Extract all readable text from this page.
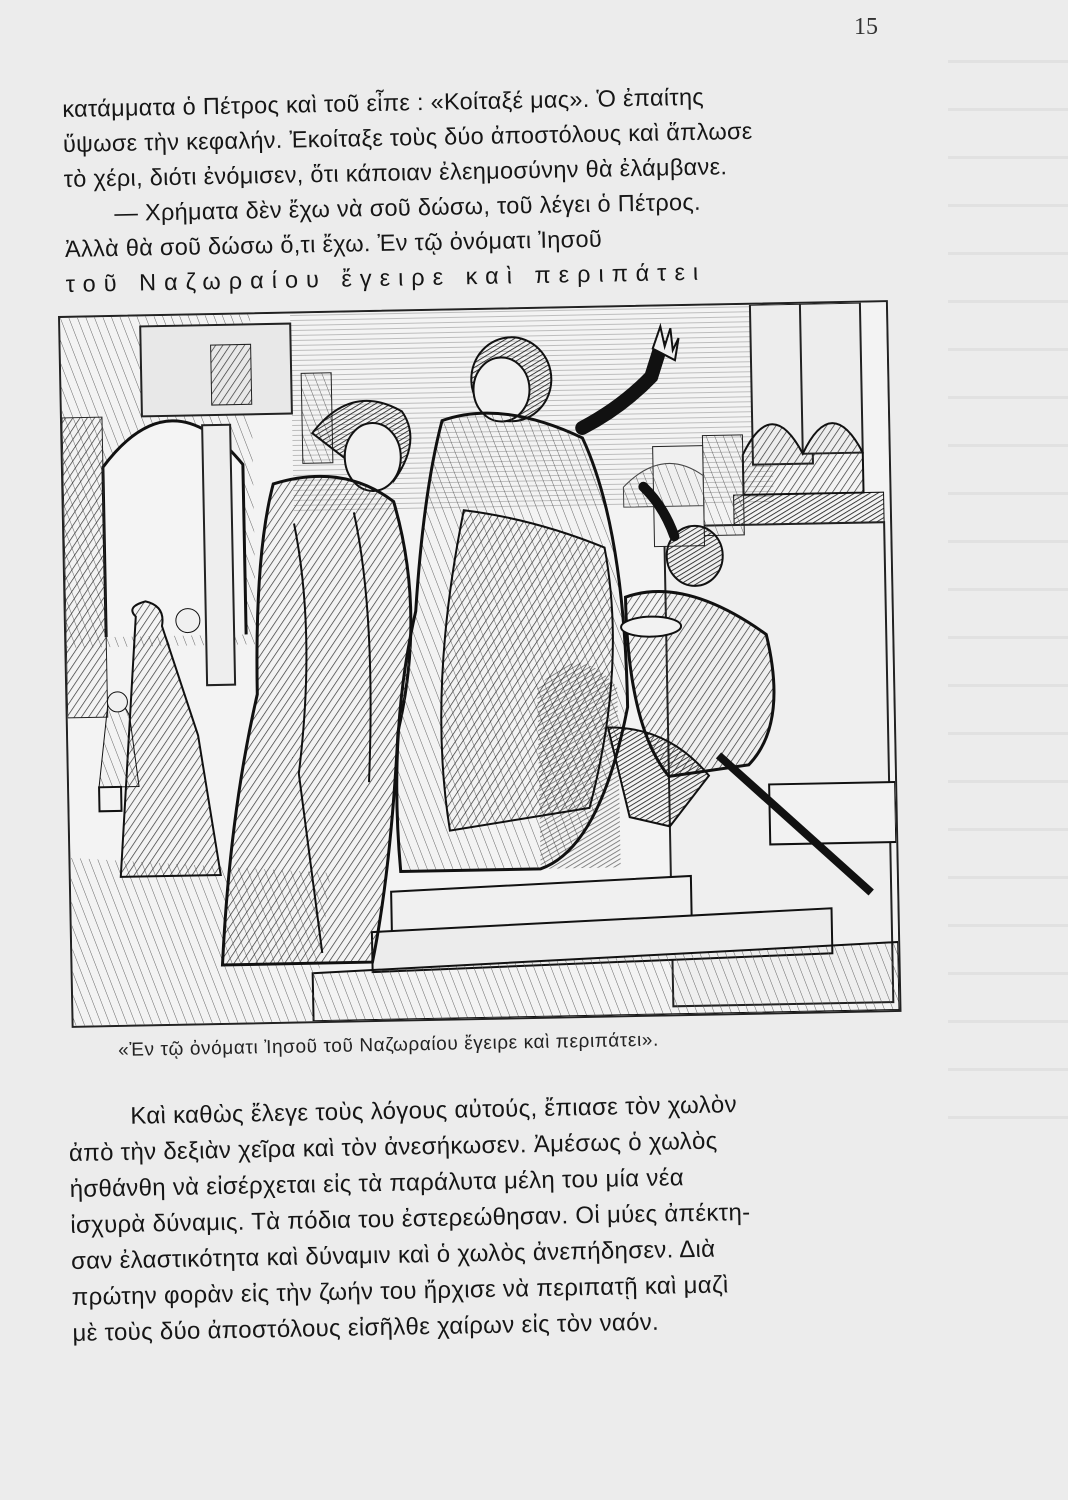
15
κατάμματα ὁ Πέτρος καὶ τοῦ εἶπε : «Κοίταξέ μας». Ὁ ἐπαίτης
ὕψωσε τὴν κεφαλήν. Ἐκοίταξε τοὺς δύο ἀποστόλους καὶ ἅπλωσε
τὸ χέρι, διότι ἐνόμισεν, ὅτι κάποιαν ἐλεημοσύνην θὰ ἐλάμβανε.
— Χρήματα δὲν ἔχω νὰ σοῦ δώσω, τοῦ λέγει ὁ Πέτρος.
Ἀλλὰ θὰ σοῦ δώσω ὅ,τι ἔχω. Ἐν τῷ ὀνόματι Ἰησοῦ
τοῦ Ναζωραίου ἔγειρε καὶ περιπάτει
«Ἐν τῷ ὀνόματι Ἰησοῦ τοῦ Ναζωραίου ἔγειρε καὶ περιπάτει».
Καὶ καθὼς ἔλεγε τοὺς λόγους αὐτούς, ἔπιασε τὸν χωλὸν
ἀπὸ τὴν δεξιὰν χεῖρα καὶ τὸν ἀνεσήκωσεν. Ἀμέσως ὁ χωλὸς
ἠσθάνθη νὰ εἰσέρχεται εἰς τὰ παράλυτα μέλη του μία νέα
ἰσχυρὰ δύναμις. Τὰ πόδια του ἐστερεώθησαν. Οἱ μύες ἀπέκτη-
σαν ἐλαστικότητα καὶ δύναμιν καὶ ὁ χωλὸς ἀνεπήδησεν. Διὰ
πρώτην φορὰν εἰς τὴν ζωήν του ἤρχισε νὰ περιπατῇ καὶ μαζὶ
μὲ τοὺς δύο ἀποστόλους εἰσῆλθε χαίρων εἰς τὸν ναόν.
